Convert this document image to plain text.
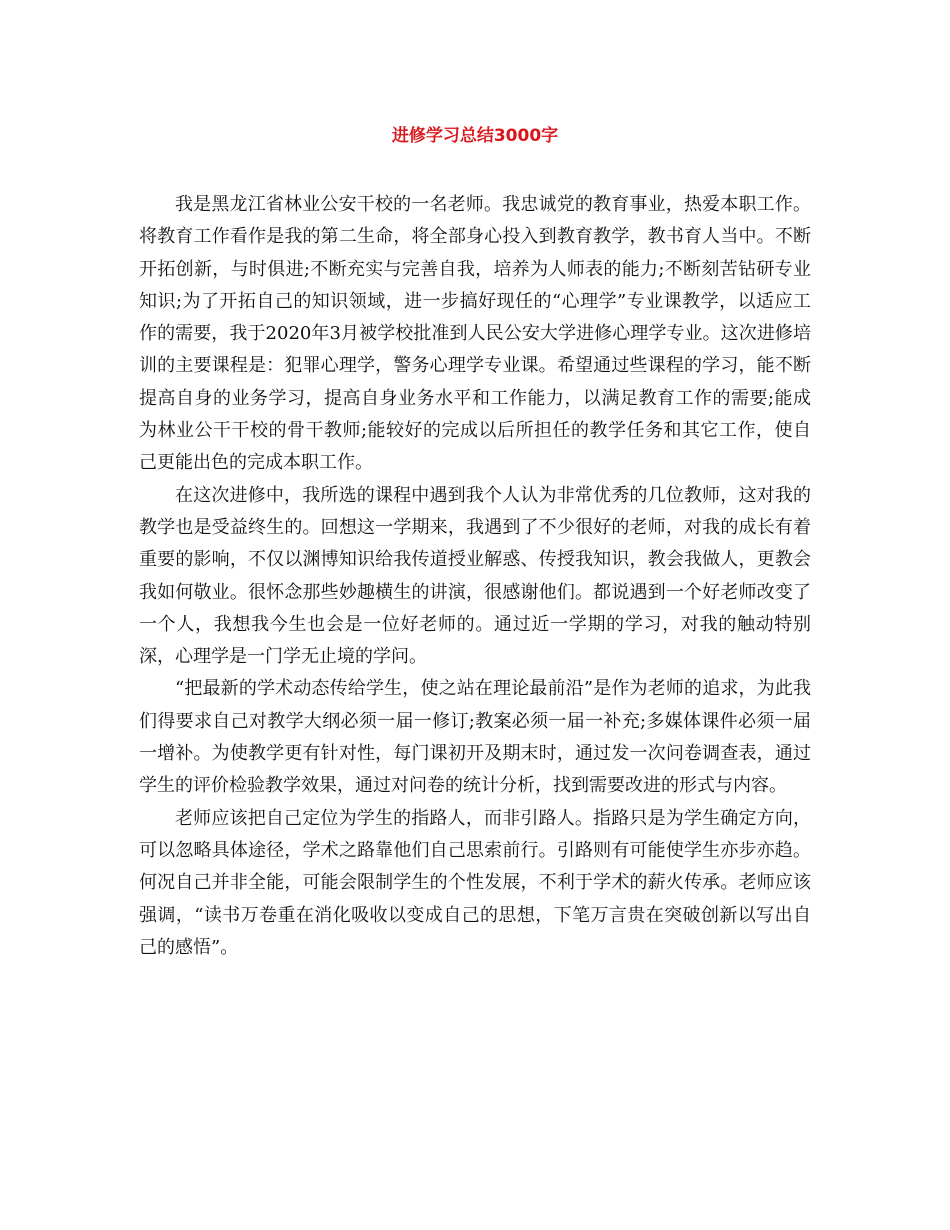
进修学习总结3000字

我是黑龙江省林业公安干校的一名老师。我忠诚党的教育事业，热爱本职工作。将教育工作看作是我的第二生命，将全部身心投入到教育教学，教书育人当中。不断开拓创新，与时俱进;不断充实与完善自我，培养为人师表的能力;不断刻苦钻研专业知识;为了开拓自己的知识领域，进一步搞好现任的“心理学”专业课教学，以适应工作的需要，我于2020年3月被学校批准到人民公安大学进修心理学专业。这次进修培训的主要课程是：犯罪心理学，警务心理学专业课。希望通过些课程的学习，能不断提高自身的业务学习，提高自身业务水平和工作能力，以满足教育工作的需要;能成为林业公干干校的骨干教师;能较好的完成以后所担任的教学任务和其它工作，使自己更能出色的完成本职工作。

在这次进修中，我所选的课程中遇到我个人认为非常优秀的几位教师，这对我的教学也是受益终生的。回想这一学期来，我遇到了不少很好的老师，对我的成长有着重要的影响，不仅以渊博知识给我传道授业解惑、传授我知识，教会我做人，更教会我如何敬业。很怀念那些妙趣横生的讲演，很感谢他们。都说遇到一个好老师改变了一个人，我想我今生也会是一位好老师的。通过近一学期的学习，对我的触动特别深，心理学是一门学无止境的学问。

“把最新的学术动态传给学生，使之站在理论最前沿”是作为老师的追求，为此我们得要求自己对教学大纲必须一届一修订;教案必须一届一补充;多媒体课件必须一届一增补。为使教学更有针对性，每门课初开及期末时，通过发一次问卷调查表，通过学生的评价检验教学效果，通过对问卷的统计分析，找到需要改进的形式与内容。

老师应该把自己定位为学生的指路人，而非引路人。指路只是为学生确定方向，可以忽略具体途径，学术之路靠他们自己思索前行。引路则有可能使学生亦步亦趋。何况自己并非全能，可能会限制学生的个性发展，不利于学术的薪火传承。老师应该强调，“读书万卷重在消化吸收以变成自己的思想，下笔万言贵在突破创新以写出自己的感悟”。
